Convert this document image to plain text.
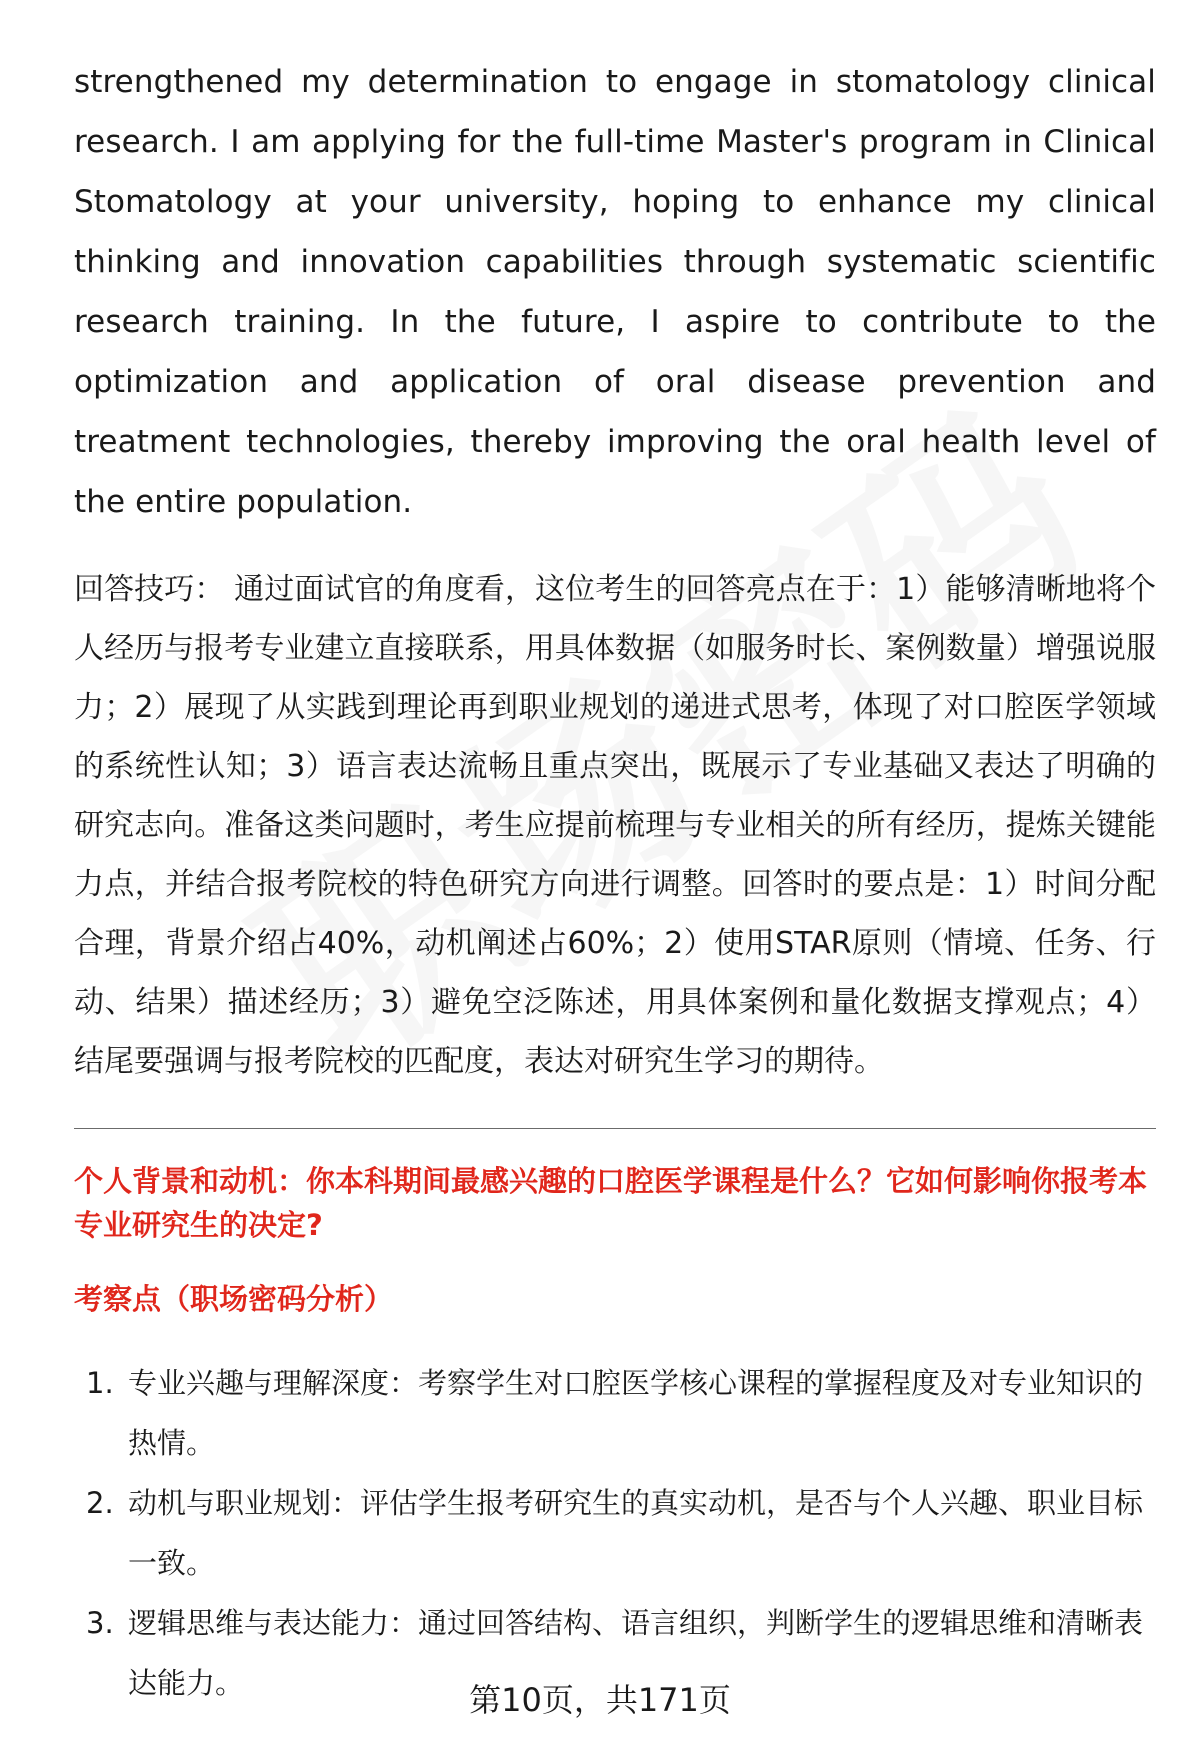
strengthened my determination to engage in stomatology clinical research. I am applying for the full-time Master's program in Clinical Stomatology at your university, hoping to enhance my clinical thinking and innovation capabilities through systematic scientific research training. In the future, I aspire to contribute to the optimization and application of oral disease prevention and treatment technologies, thereby improving the oral health level of the entire population.

回答技巧： 通过面试官的角度看，这位考生的回答亮点在于：1）能够清晰地将个人经历与报考专业建立直接联系，用具体数据（如服务时长、案例数量）增强说服力；2）展现了从实践到理论再到职业规划的递进式思考，体现了对口腔医学领域的系统性认知；3）语言表达流畅且重点突出，既展示了专业基础又表达了明确的研究志向。准备这类问题时，考生应提前梳理与专业相关的所有经历，提炼关键能力点，并结合报考院校的特色研究方向进行调整。回答时的要点是：1）时间分配合理，背景介绍占40%，动机阐述占60%；2）使用STAR原则（情境、任务、行动、结果）描述经历；3）避免空泛陈述，用具体案例和量化数据支撑观点；4）结尾要强调与报考院校的匹配度，表达对研究生学习的期待。

个人背景和动机：你本科期间最感兴趣的口腔医学课程是什么？它如何影响你报考本专业研究生的决定?

考察点（职场密码分析）

1. 专业兴趣与理解深度：考察学生对口腔医学核心课程的掌握程度及对专业知识的热情。
2. 动机与职业规划：评估学生报考研究生的真实动机，是否与个人兴趣、职业目标一致。
3. 逻辑思维与表达能力：通过回答结构、语言组织，判断学生的逻辑思维和清晰表达能力。	第10页，共171页
